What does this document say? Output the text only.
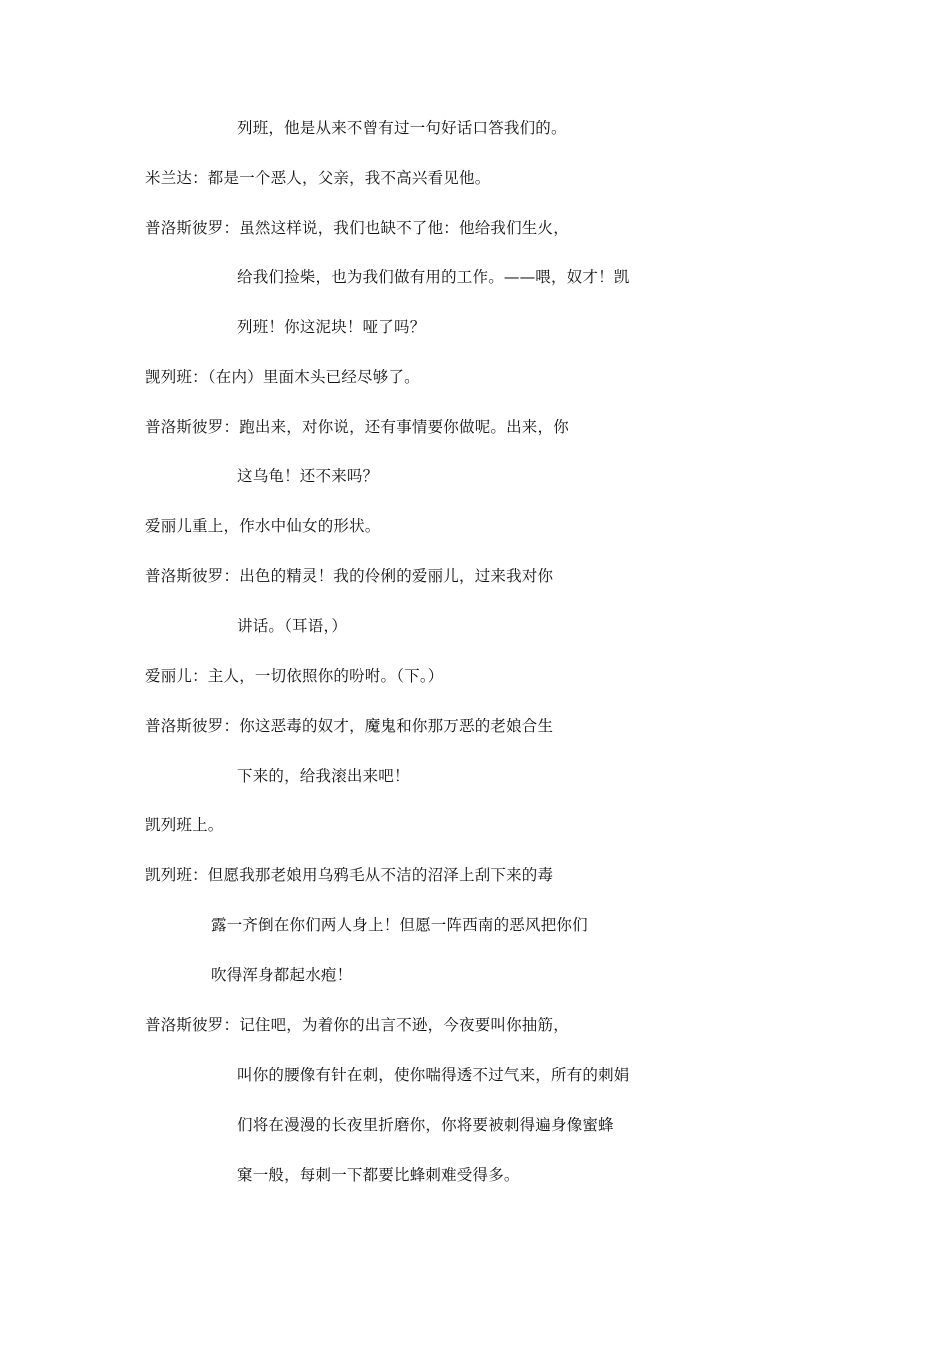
列班，他是从来不曾有过一句好话口答我们的。
米兰达：都是一个恶人，父亲，我不高兴看见他。
普洛斯彼罗：虽然这样说，我们也缺不了他：他给我们生火，
给我们捡柴，也为我们做有用的工作。——喂，奴才！凯
列班！你这泥块！哑了吗？
觊列班：（在内）里面木头已经尽够了。
普洛斯彼罗：跑出来，对你说，还有事情要你做呢。出来，你
这乌龟！还不来吗？
爱丽儿重上，作水中仙女的形状。
普洛斯彼罗：出色的精灵！我的伶俐的爱丽儿，过来我对你
讲话。（耳语，）
爱丽儿：主人，一切依照你的吩咐。（下。）
普洛斯彼罗：你这恶毒的奴才，魔鬼和你那万恶的老娘合生
下来的，给我滚出来吧！
凯列班上。
凯列班：但愿我那老娘用乌鸦毛从不洁的沼泽上刮下来的毒
露一齐倒在你们两人身上！但愿一阵西南的恶风把你们
吹得浑身都起水疱！
普洛斯彼罗：记住吧，为着你的出言不逊，今夜要叫你抽筋，
叫你的腰像有针在刺，使你喘得透不过气来，所有的刺娟
们将在漫漫的长夜里折磨你，你将要被刺得遍身像蜜蜂
窠一般，每刺一下都要比蜂刺难受得多。
